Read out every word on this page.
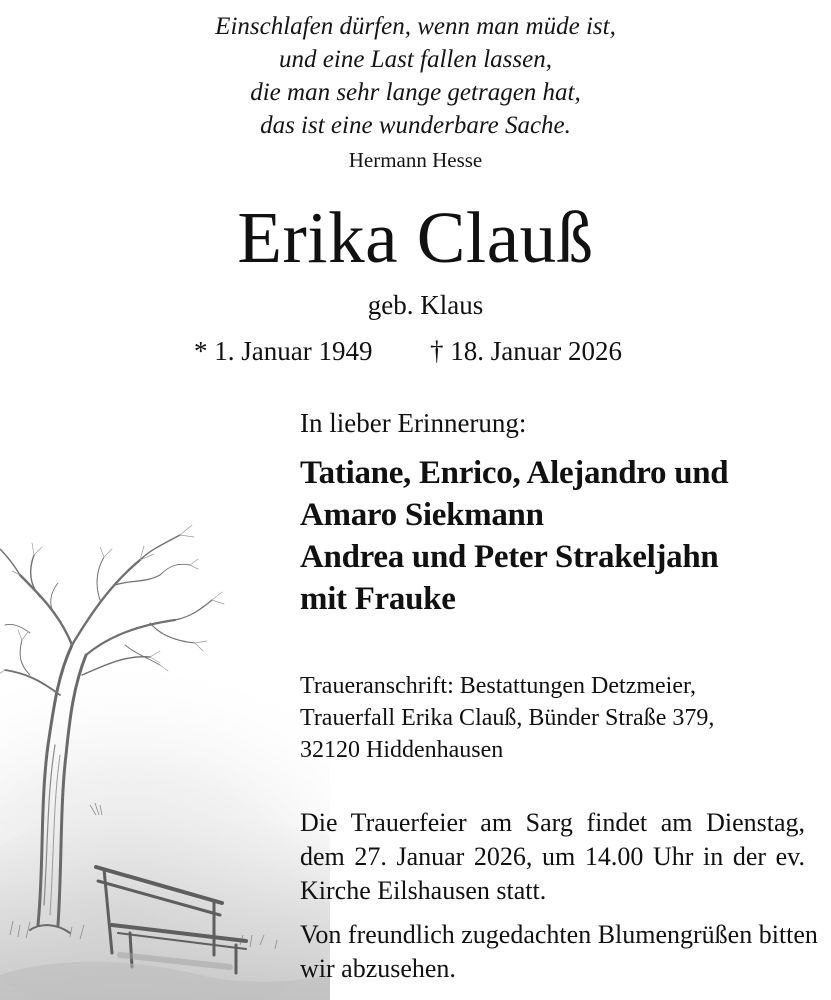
Einschlafen dürfen, wenn man müde ist,
und eine Last fallen lassen,
die man sehr lange getragen hat,
das ist eine wunderbare Sache.
Hermann Hesse
Erika Clauß
geb. Klaus
* 1. Januar 1949 † 18. Januar 2026
In lieber Erinnerung:
Tatiane, Enrico, Alejandro und
Amaro Siekmann
Andrea und Peter Strakeljahn
mit Frauke
Traueranschrift: Bestattungen Detzmeier,
Trauerfall Erika Clauß, Bünder Straße 379,
32120 Hiddenhausen
Die Trauerfeier am Sarg findet am Dienstag, dem 27. Januar 2026, um 14.00 Uhr in der ev. Kirche Eilshausen statt.
Von freundlich zugedachten Blumengrüßen bitten wir abzusehen.
